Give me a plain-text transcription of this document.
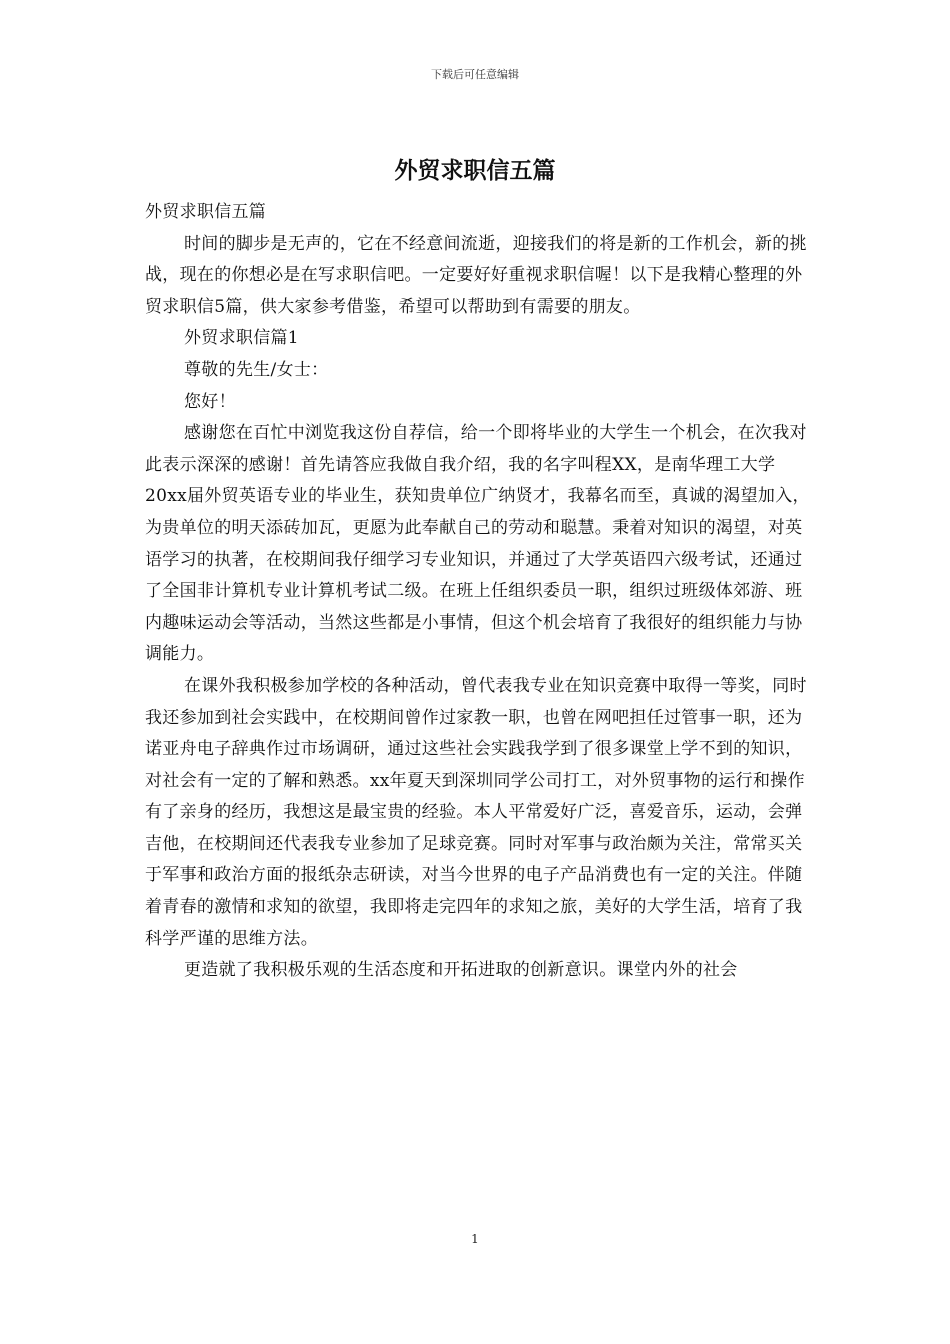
下载后可任意编辑
外贸求职信五篇

外贸求职信五篇

时间的脚步是无声的，它在不经意间流逝，迎接我们的将是新的工作机会，新的挑战，现在的你想必是在写求职信吧。一定要好好重视求职信喔！以下是我精心整理的外贸求职信5篇，供大家参考借鉴，希望可以帮助到有需要的朋友。

外贸求职信篇1

尊敬的先生/女士：

您好！

感谢您在百忙中浏览我这份自荐信，给一个即将毕业的大学生一个机会，在次我对此表示深深的感谢！首先请答应我做自我介绍，我的名字叫程XX，是南华理工大学20xx届外贸英语专业的毕业生，获知贵单位广纳贤才，我幕名而至，真诚的渴望加入，为贵单位的明天添砖加瓦，更愿为此奉献自己的劳动和聪慧。秉着对知识的渴望，对英语学习的执著，在校期间我仔细学习专业知识，并通过了大学英语四六级考试，还通过了全国非计算机专业计算机考试二级。在班上任组织委员一职，组织过班级体郊游、班内趣味运动会等活动，当然这些都是小事情，但这个机会培育了我很好的组织能力与协调能力。

在课外我积极参加学校的各种活动，曾代表我专业在知识竞赛中取得一等奖，同时我还参加到社会实践中，在校期间曾作过家教一职，也曾在网吧担任过管事一职，还为诺亚舟电子辞典作过市场调研，通过这些社会实践我学到了很多课堂上学不到的知识，对社会有一定的了解和熟悉。xx年夏天到深圳同学公司打工，对外贸事物的运行和操作有了亲身的经历，我想这是最宝贵的经验。本人平常爱好广泛，喜爱音乐，运动，会弹吉他，在校期间还代表我专业参加了足球竞赛。同时对军事与政治颇为关注，常常买关于军事和政治方面的报纸杂志研读，对当今世界的电子产品消费也有一定的关注。伴随着青春的激情和求知的欲望，我即将走完四年的求知之旅，美好的大学生活，培育了我科学严谨的思维方法。

更造就了我积极乐观的生活态度和开拓进取的创新意识。课堂内外的社会

1
